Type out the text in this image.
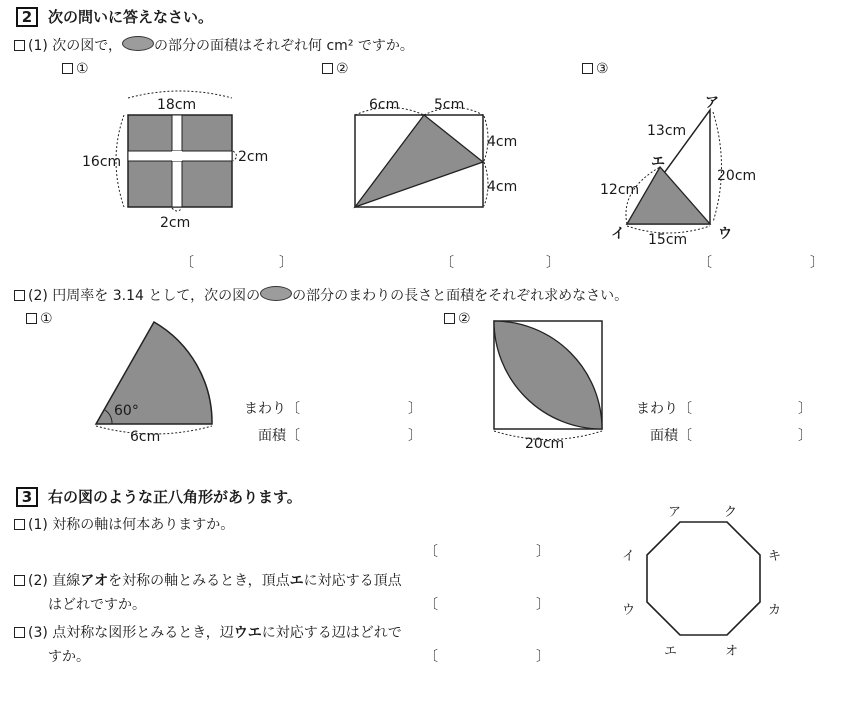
2	次の問いに答えなさい。
(1) 次の図で， の部分の面積はそれぞれ何 cm² ですか。
①	②	③
18cm
16cm	2cm
2cm
6cm 5cm
4cm
4cm
ア
エ
イ	ウ
13cm
20cm
12cm
15cm
60°
6cm	20cm
ア	ク
キ
カ
オ
エ
ウ
イ
〔	〕	〔	〕	〔	〕
(2) 円周率を 3.14 として，次の図の の部分のまわりの長さと面積をそれぞれ求めなさい。
①	②
まわり〔	〕
面積〔	〕
まわり〔	〕
面積〔	〕
3	右の図のような正八角形があります。
(1) 対称の軸は何本ありますか。
〔	〕
(2) 直線アオを対称の軸とみるとき，頂点エに対応する頂点
はどれですか。	〔	〕
(3) 点対称な図形とみるとき，辺ウエに対応する辺はどれで
すか。	〔	〕
